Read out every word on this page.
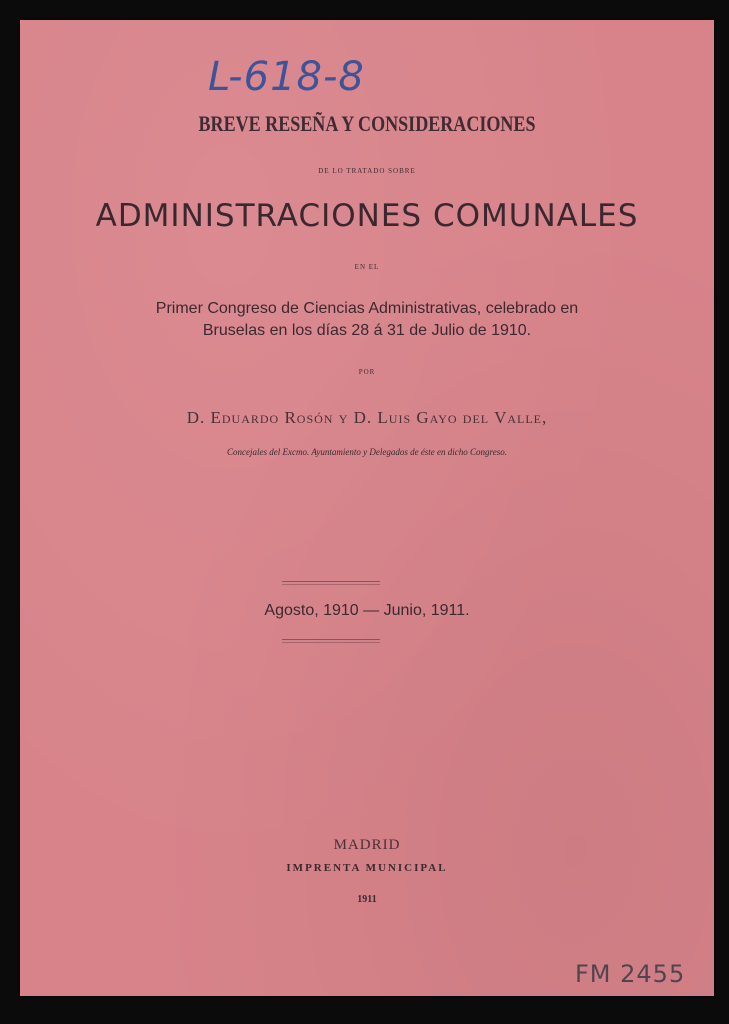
L-618-8
BREVE RESEÑA Y CONSIDERACIONES
DE LO TRATADO SOBRE
ADMINISTRACIONES COMUNALES
EN EL
Primer Congreso de Ciencias Administrativas, celebrado en
Bruselas en los días 28 á 31 de Julio de 1910.
POR
D. Eduardo Rosón y D. Luis Gayo del Valle,
Concejales del Excmo. Ayuntamiento y Delegados de éste en dicho Congreso.
Agosto, 1910 — Junio, 1911.
MADRID
IMPRENTA MUNICIPAL
1911
FM 2455
